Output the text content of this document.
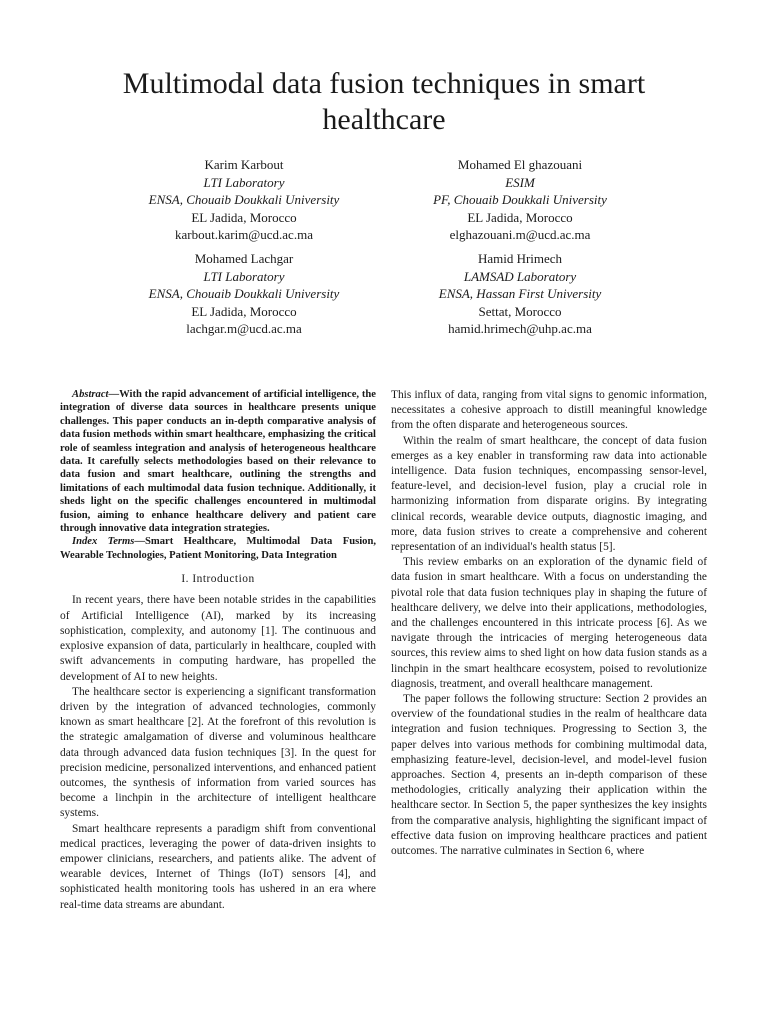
Multimodal data fusion techniques in smart healthcare
Karim Karbout
LTI Laboratory
ENSA, Chouaib Doukkali University
EL Jadida, Morocco
karbout.karim@ucd.ac.ma
Mohamed El ghazouani
ESIM
PF, Chouaib Doukkali University
EL Jadida, Morocco
elghazouani.m@ucd.ac.ma
Mohamed Lachgar
LTI Laboratory
ENSA, Chouaib Doukkali University
EL Jadida, Morocco
lachgar.m@ucd.ac.ma
Hamid Hrimech
LAMSAD Laboratory
ENSA, Hassan First University
Settat, Morocco
hamid.hrimech@uhp.ac.ma

Abstract—With the rapid advancement of artificial intelligence, the integration of diverse data sources in healthcare presents unique challenges. This paper conducts an in-depth comparative analysis of data fusion methods within smart healthcare, emphasizing the critical role of seamless integration and analysis of heterogeneous healthcare data. It carefully selects methodologies based on their relevance to data fusion and smart healthcare, outlining the strengths and limitations of each multimodal data fusion technique. Additionally, it sheds light on the specific challenges encountered in multimodal fusion, aiming to enhance healthcare delivery and patient care through innovative data integration strategies.

Index Terms—Smart Healthcare, Multimodal Data Fusion, Wearable Technologies, Patient Monitoring, Data Integration

I. Introduction

In recent years, there have been notable strides in the capabilities of Artificial Intelligence (AI), marked by its increasing sophistication, complexity, and autonomy [1]. The continuous and explosive expansion of data, particularly in healthcare, coupled with swift advancements in computing hardware, has propelled the development of AI to new heights.

The healthcare sector is experiencing a significant transformation driven by the integration of advanced technologies, commonly known as smart healthcare [2]. At the forefront of this revolution is the strategic amalgamation of diverse and voluminous healthcare data through advanced data fusion techniques [3]. In the quest for precision medicine, personalized interventions, and enhanced patient outcomes, the synthesis of information from varied sources has become a linchpin in the architecture of intelligent healthcare systems.

Smart healthcare represents a paradigm shift from conventional medical practices, leveraging the power of data-driven insights to empower clinicians, researchers, and patients alike. The advent of wearable devices, Internet of Things (IoT) sensors [4], and sophisticated health monitoring tools has ushered in an era where real-time data streams are abundant.

This influx of data, ranging from vital signs to genomic information, necessitates a cohesive approach to distill meaningful knowledge from the often disparate and heterogeneous sources.

Within the realm of smart healthcare, the concept of data fusion emerges as a key enabler in transforming raw data into actionable intelligence. Data fusion techniques, encompassing sensor-level, feature-level, and decision-level fusion, play a crucial role in harmonizing information from disparate origins. By integrating clinical records, wearable device outputs, diagnostic imaging, and more, data fusion strives to create a comprehensive and coherent representation of an individual's health status [5].

This review embarks on an exploration of the dynamic field of data fusion in smart healthcare. With a focus on understanding the pivotal role that data fusion techniques play in shaping the future of healthcare delivery, we delve into their applications, methodologies, and the challenges encountered in this intricate process [6]. As we navigate through the intricacies of merging heterogeneous data sources, this review aims to shed light on how data fusion stands as a linchpin in the smart healthcare ecosystem, poised to revolutionize diagnosis, treatment, and overall healthcare management.

The paper follows the following structure: Section 2 provides an overview of the foundational studies in the realm of healthcare data integration and fusion techniques. Progressing to Section 3, the paper delves into various methods for combining multimodal data, emphasizing feature-level, decision-level, and model-level fusion approaches. Section 4, presents an in-depth comparison of these methodologies, critically analyzing their application within the healthcare sector. In Section 5, the paper synthesizes the key insights from the comparative analysis, highlighting the significant impact of effective data fusion on improving healthcare practices and patient outcomes. The narrative culminates in Section 6, where
